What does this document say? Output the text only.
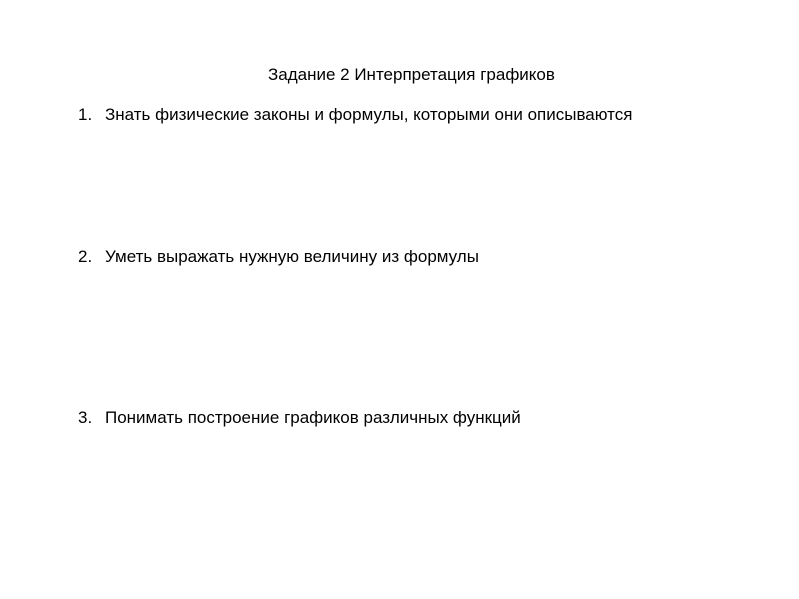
Задание 2 Интерпретация графиков
1. Знать физические законы и формулы, которыми они описываются
2. Уметь выражать нужную величину из формулы
3. Понимать построение графиков различных функций
